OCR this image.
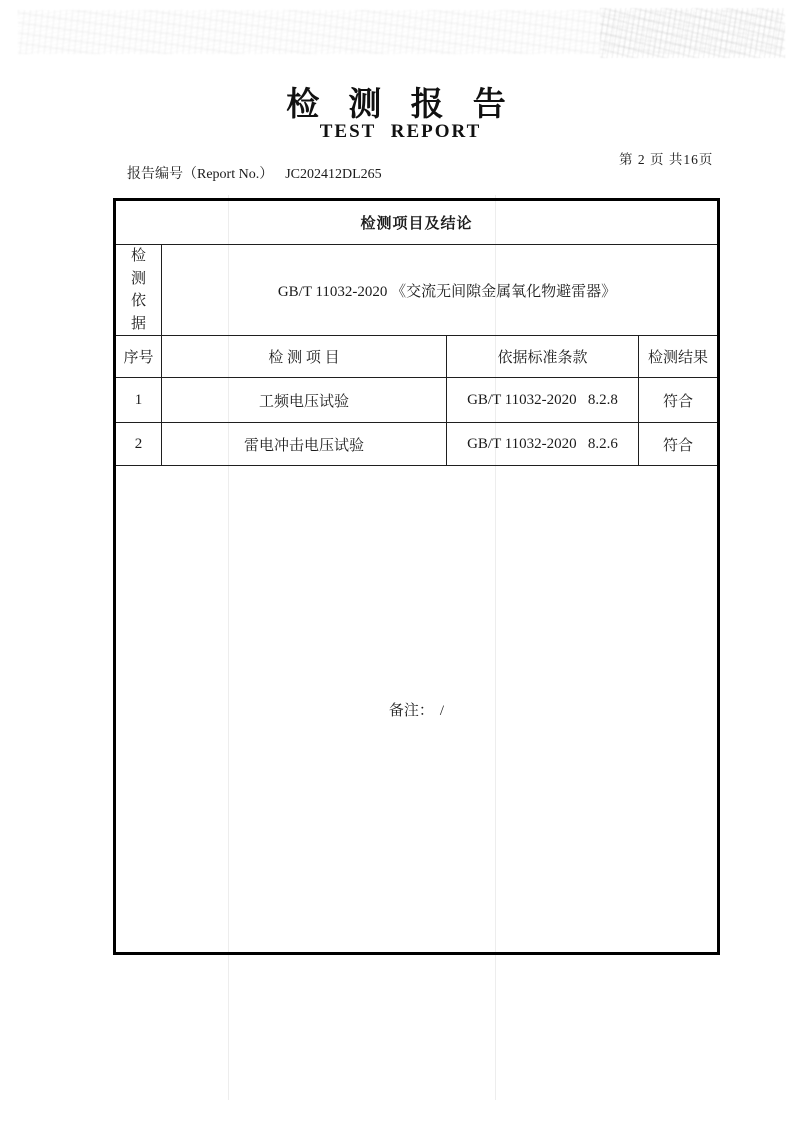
检 测 报 告
TEST REPORT

报告编号（Report No.） JC202412DL265

第 2 页 共16页
检测项目及结论			
检测依据	GB/T 11032-2020 《交流无间隙金属氧化物避雷器》		
序号	检 测 项 目	依据标准条款	检测结果
1	工频电压试验	GB/T 11032-2020   8.2.8	符合
2	雷电冲击电压试验	GB/T 11032-2020   8.2.6	符合
备注： /			
